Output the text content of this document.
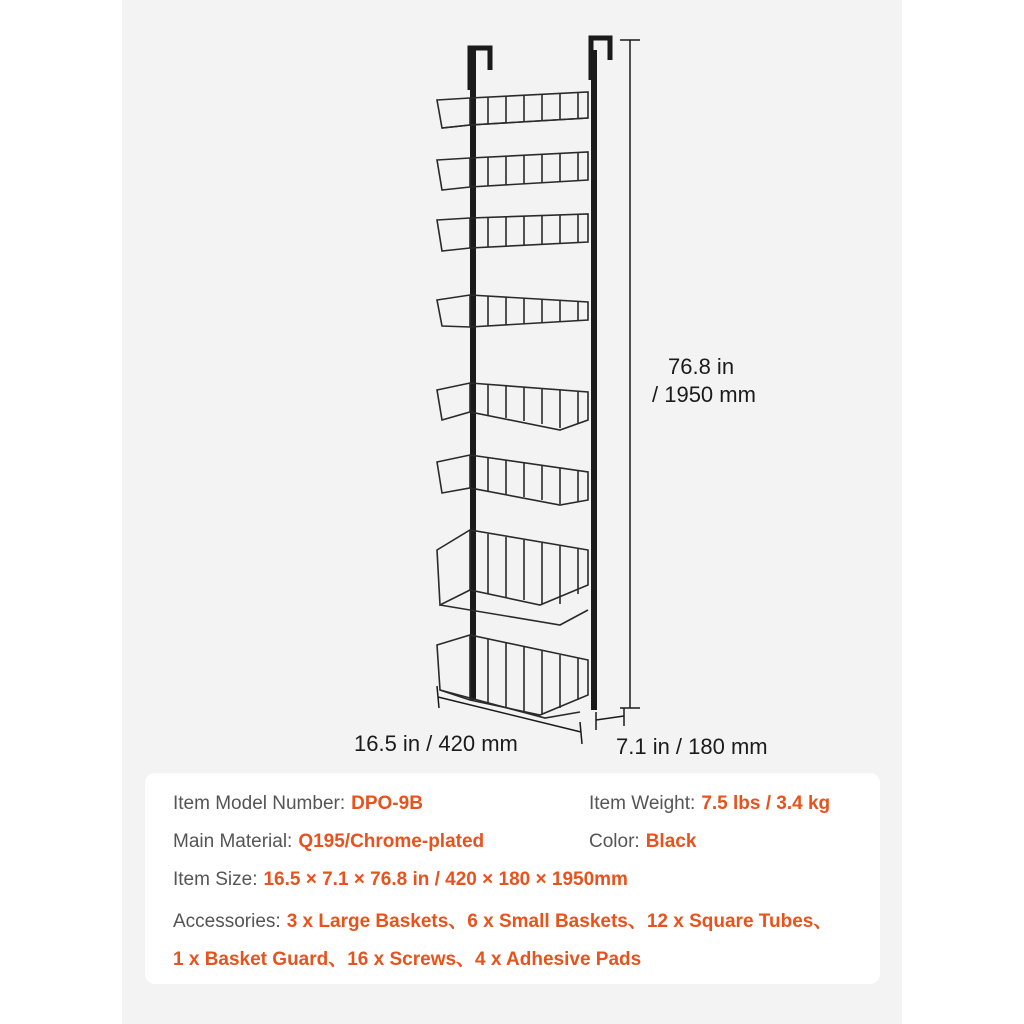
76.8 in
/ 1950 mm
16.5 in / 420 mm	7.1 in / 180 mm
Item Model Number: DPO-9B	Item Weight: 7.5 lbs / 3.4 kg
Main Material: Q195/Chrome-plated	Color: Black
Item Size: 16.5 × 7.1 × 76.8 in / 420 × 180 × 1950mm
Accessories: 3 x Large Baskets、6 x Small Baskets、12 x Square Tubes、
1 x Basket Guard、16 x Screws、4 x Adhesive Pads
